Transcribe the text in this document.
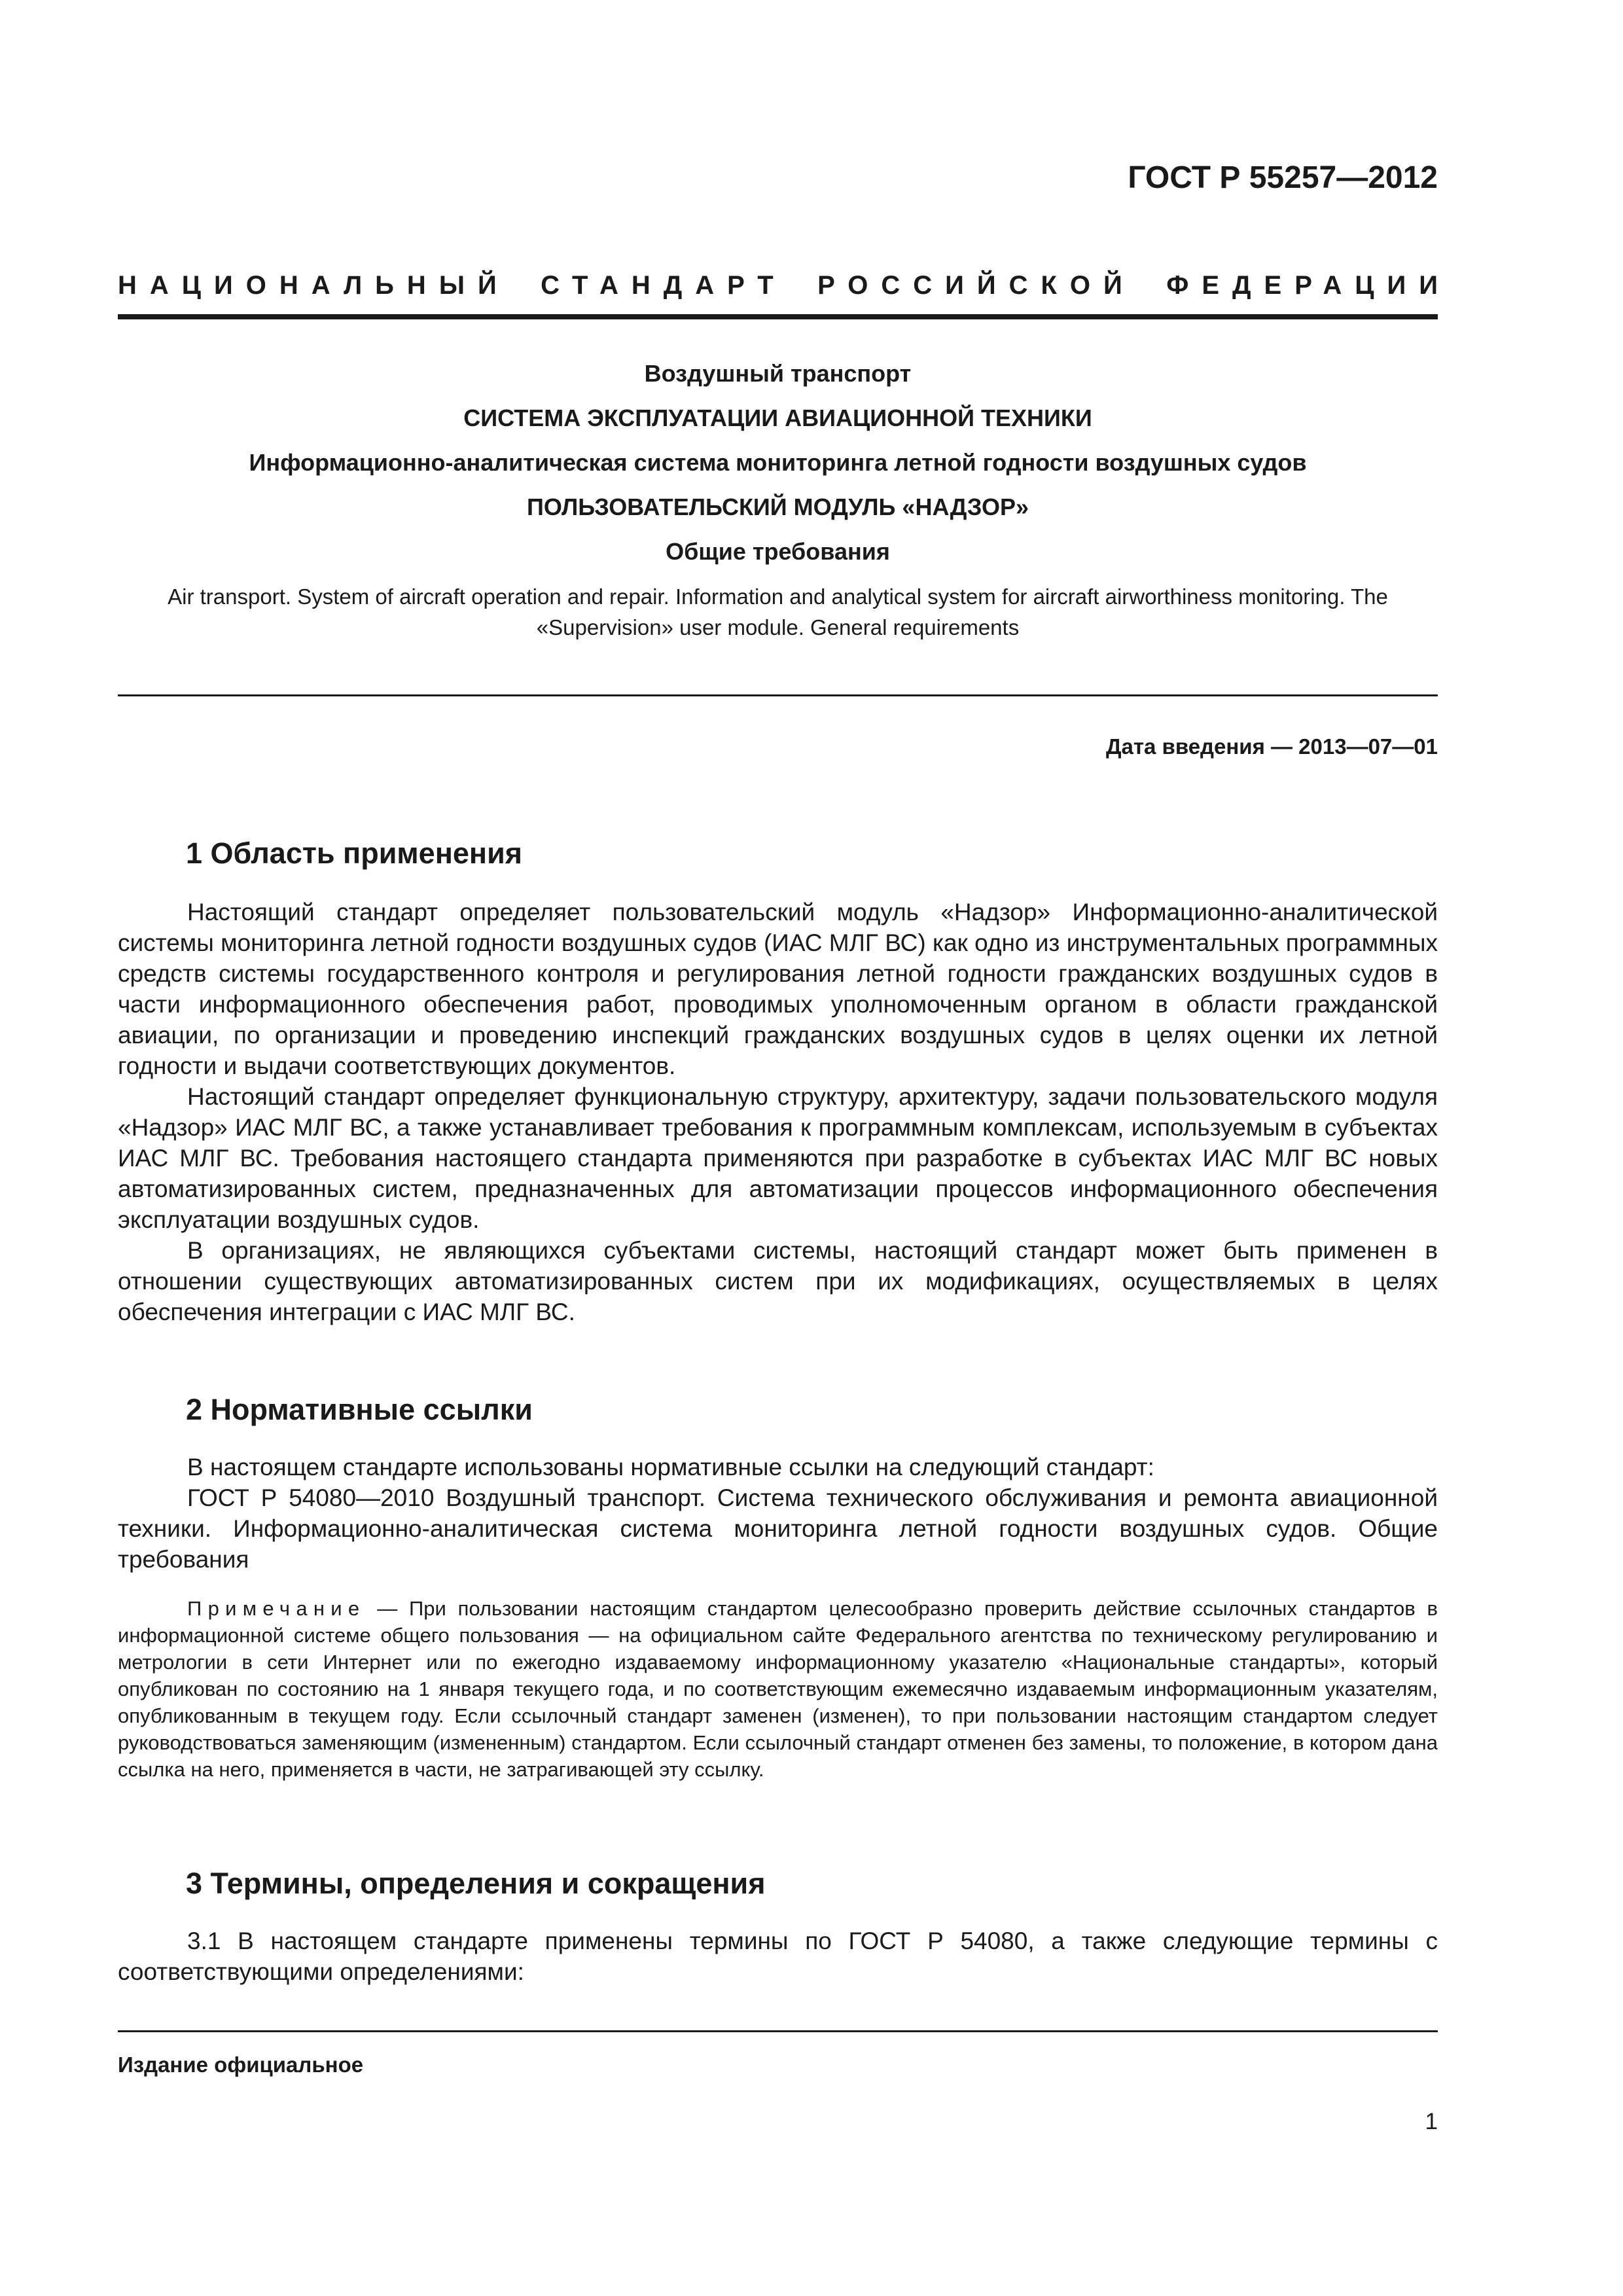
ГОСТ Р 55257—2012
НАЦИОНАЛЬНЫЙ СТАНДАРТ РОССИЙСКОЙ ФЕДЕРАЦИИ
Воздушный транспорт
СИСТЕМА ЭКСПЛУАТАЦИИ АВИАЦИОННОЙ ТЕХНИКИ
Информационно-аналитическая система мониторинга летной годности воздушных судов
ПОЛЬЗОВАТЕЛЬСКИЙ МОДУЛЬ «НАДЗОР»
Общие требования
Air transport. System of aircraft operation and repair. Information and analytical system for aircraft airworthiness monitoring. The «Supervision» user module. General requirements
Дата введения — 2013—07—01
1 Область применения

Настоящий стандарт определяет пользовательский модуль «Надзор» Информационно-аналитической системы мониторинга летной годности воздушных судов (ИАС МЛГ ВС) как одно из инструментальных программных средств системы государственного контроля и регулирования летной годности гражданских воздушных судов в части информационного обеспечения работ, проводимых уполномоченным органом в области гражданской авиации, по организации и проведению инспекций гражданских воздушных судов в целях оценки их летной годности и выдачи соответствующих документов.

Настоящий стандарт определяет функциональную структуру, архитектуру, задачи пользовательского модуля «Надзор» ИАС МЛГ ВС, а также устанавливает требования к программным комплексам, используемым в субъектах ИАС МЛГ ВС. Требования настоящего стандарта применяются при разработке в субъектах ИАС МЛГ ВС новых автоматизированных систем, предназначенных для автоматизации процессов информационного обеспечения эксплуатации воздушных судов.

В организациях, не являющихся субъектами системы, настоящий стандарт может быть применен в отношении существующих автоматизированных систем при их модификациях, осуществляемых в целях обеспечения интеграции с ИАС МЛГ ВС.

2 Нормативные ссылки

В настоящем стандарте использованы нормативные ссылки на следующий стандарт:

ГОСТ Р 54080—2010 Воздушный транспорт. Система технического обслуживания и ремонта авиационной техники. Информационно-аналитическая система мониторинга летной годности воздушных судов. Общие требования

Примечание — При пользовании настоящим стандартом целесообразно проверить действие ссылочных стандартов в информационной системе общего пользования — на официальном сайте Федерального агентства по техническому регулированию и метрологии в сети Интернет или по ежегодно издаваемому информационному указателю «Национальные стандарты», который опубликован по состоянию на 1 января текущего года, и по соответствующим ежемесячно издаваемым информационным указателям, опубликованным в текущем году. Если ссылочный стандарт заменен (изменен), то при пользовании настоящим стандартом следует руководствоваться заменяющим (измененным) стандартом. Если ссылочный стандарт отменен без замены, то положение, в котором дана ссылка на него, применяется в части, не затрагивающей эту ссылку.
3 Термины, определения и сокращения

3.1 В настоящем стандарте применены термины по ГОСТ Р 54080, а также следующие термины с соответствующими определениями:

Издание официальное
1
